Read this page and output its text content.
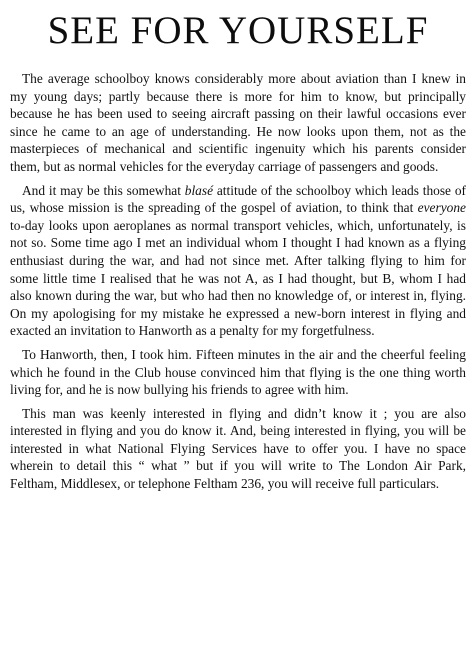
SEE FOR YOURSELF

The average schoolboy knows considerably more about aviation than I knew in my young days; partly because there is more for him to know, but principally because he has been used to seeing aircraft passing on their lawful occasions ever since he came to an age of understanding. He now looks upon them, not as the masterpieces of mechanical and scientific ingenuity which his parents consider them, but as normal vehicles for the everyday carriage of passengers and goods.

And it may be this somewhat blasé attitude of the schoolboy which leads those of us, whose mission is the spreading of the gospel of aviation, to think that everyone to-day looks upon aeroplanes as normal transport vehicles, which, unfortunately, is not so. Some time ago I met an individual whom I thought I had known as a flying enthusiast during the war, and had not since met. After talking flying to him for some little time I realised that he was not A, as I had thought, but B, whom I had also known during the war, but who had then no knowledge of, or interest in, flying. On my apologising for my mistake he expressed a new-born interest in flying and exacted an invitation to Hanworth as a penalty for my forgetfulness.

To Hanworth, then, I took him. Fifteen minutes in the air and the cheerful feeling which he found in the Club house convinced him that flying is the one thing worth living for, and he is now bullying his friends to agree with him.

This man was keenly interested in flying and didn’t know it ; you are also interested in flying and you do know it. And, being interested in flying, you will be interested in what National Flying Services have to offer you. I have no space wherein to detail this “ what ” but if you will write to The London Air Park, Feltham, Middlesex, or telephone Feltham 236, you will receive full particulars.
